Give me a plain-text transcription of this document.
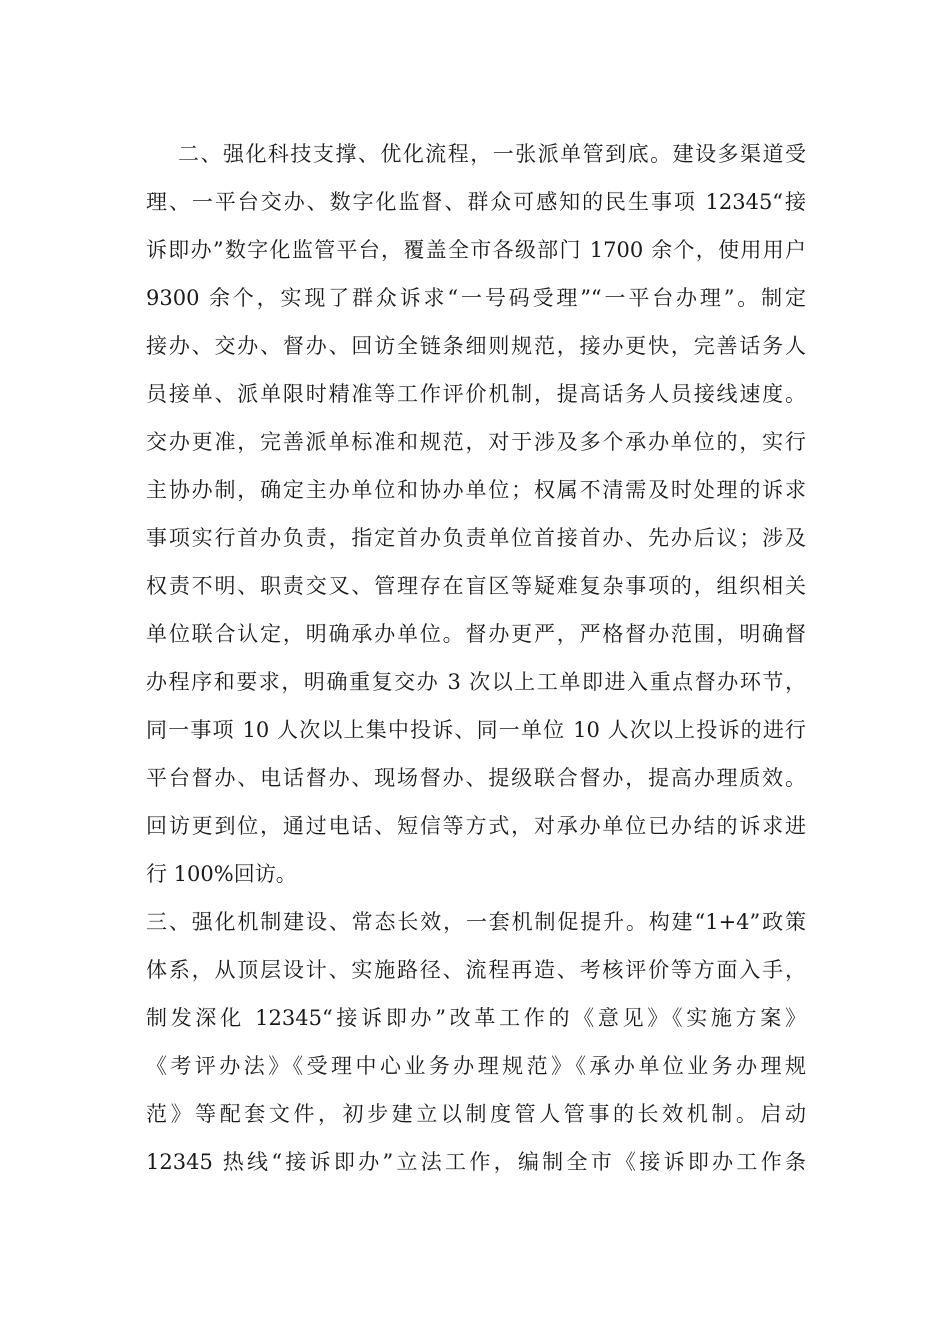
二、强化科技支撑、优化流程，一张派单管到底。建设多渠道受
理、一平台交办、数字化监督、群众可感知的民生事项 12345“接
诉即办”数字化监管平台，覆盖全市各级部门 1700 余个，使用用户
9300 余个，实现了群众诉求“一号码受理”“一平台办理”。制定
接办、交办、督办、回访全链条细则规范，接办更快，完善话务人
员接单、派单限时精准等工作评价机制，提高话务人员接线速度。
交办更准，完善派单标准和规范，对于涉及多个承办单位的，实行
主协办制，确定主办单位和协办单位；权属不清需及时处理的诉求
事项实行首办负责，指定首办负责单位首接首办、先办后议；涉及
权责不明、职责交叉、管理存在盲区等疑难复杂事项的，组织相关
单位联合认定，明确承办单位。督办更严，严格督办范围，明确督
办程序和要求，明确重复交办 3 次以上工单即进入重点督办环节，
同一事项 10 人次以上集中投诉、同一单位 10 人次以上投诉的进行
平台督办、电话督办、现场督办、提级联合督办，提高办理质效。
回访更到位，通过电话、短信等方式，对承办单位已办结的诉求进
行 100%回访。
三、强化机制建设、常态长效，一套机制促提升。构建“1+4”政策
体系，从顶层设计、实施路径、流程再造、考核评价等方面入手，
制发深化 12345“接诉即办”改革工作的《意见》《实施方案》
《考评办法》《受理中心业务办理规范》《承办单位业务办理规
范》等配套文件，初步建立以制度管人管事的长效机制。启动
12345 热线“接诉即办”立法工作，编制全市《接诉即办工作条
